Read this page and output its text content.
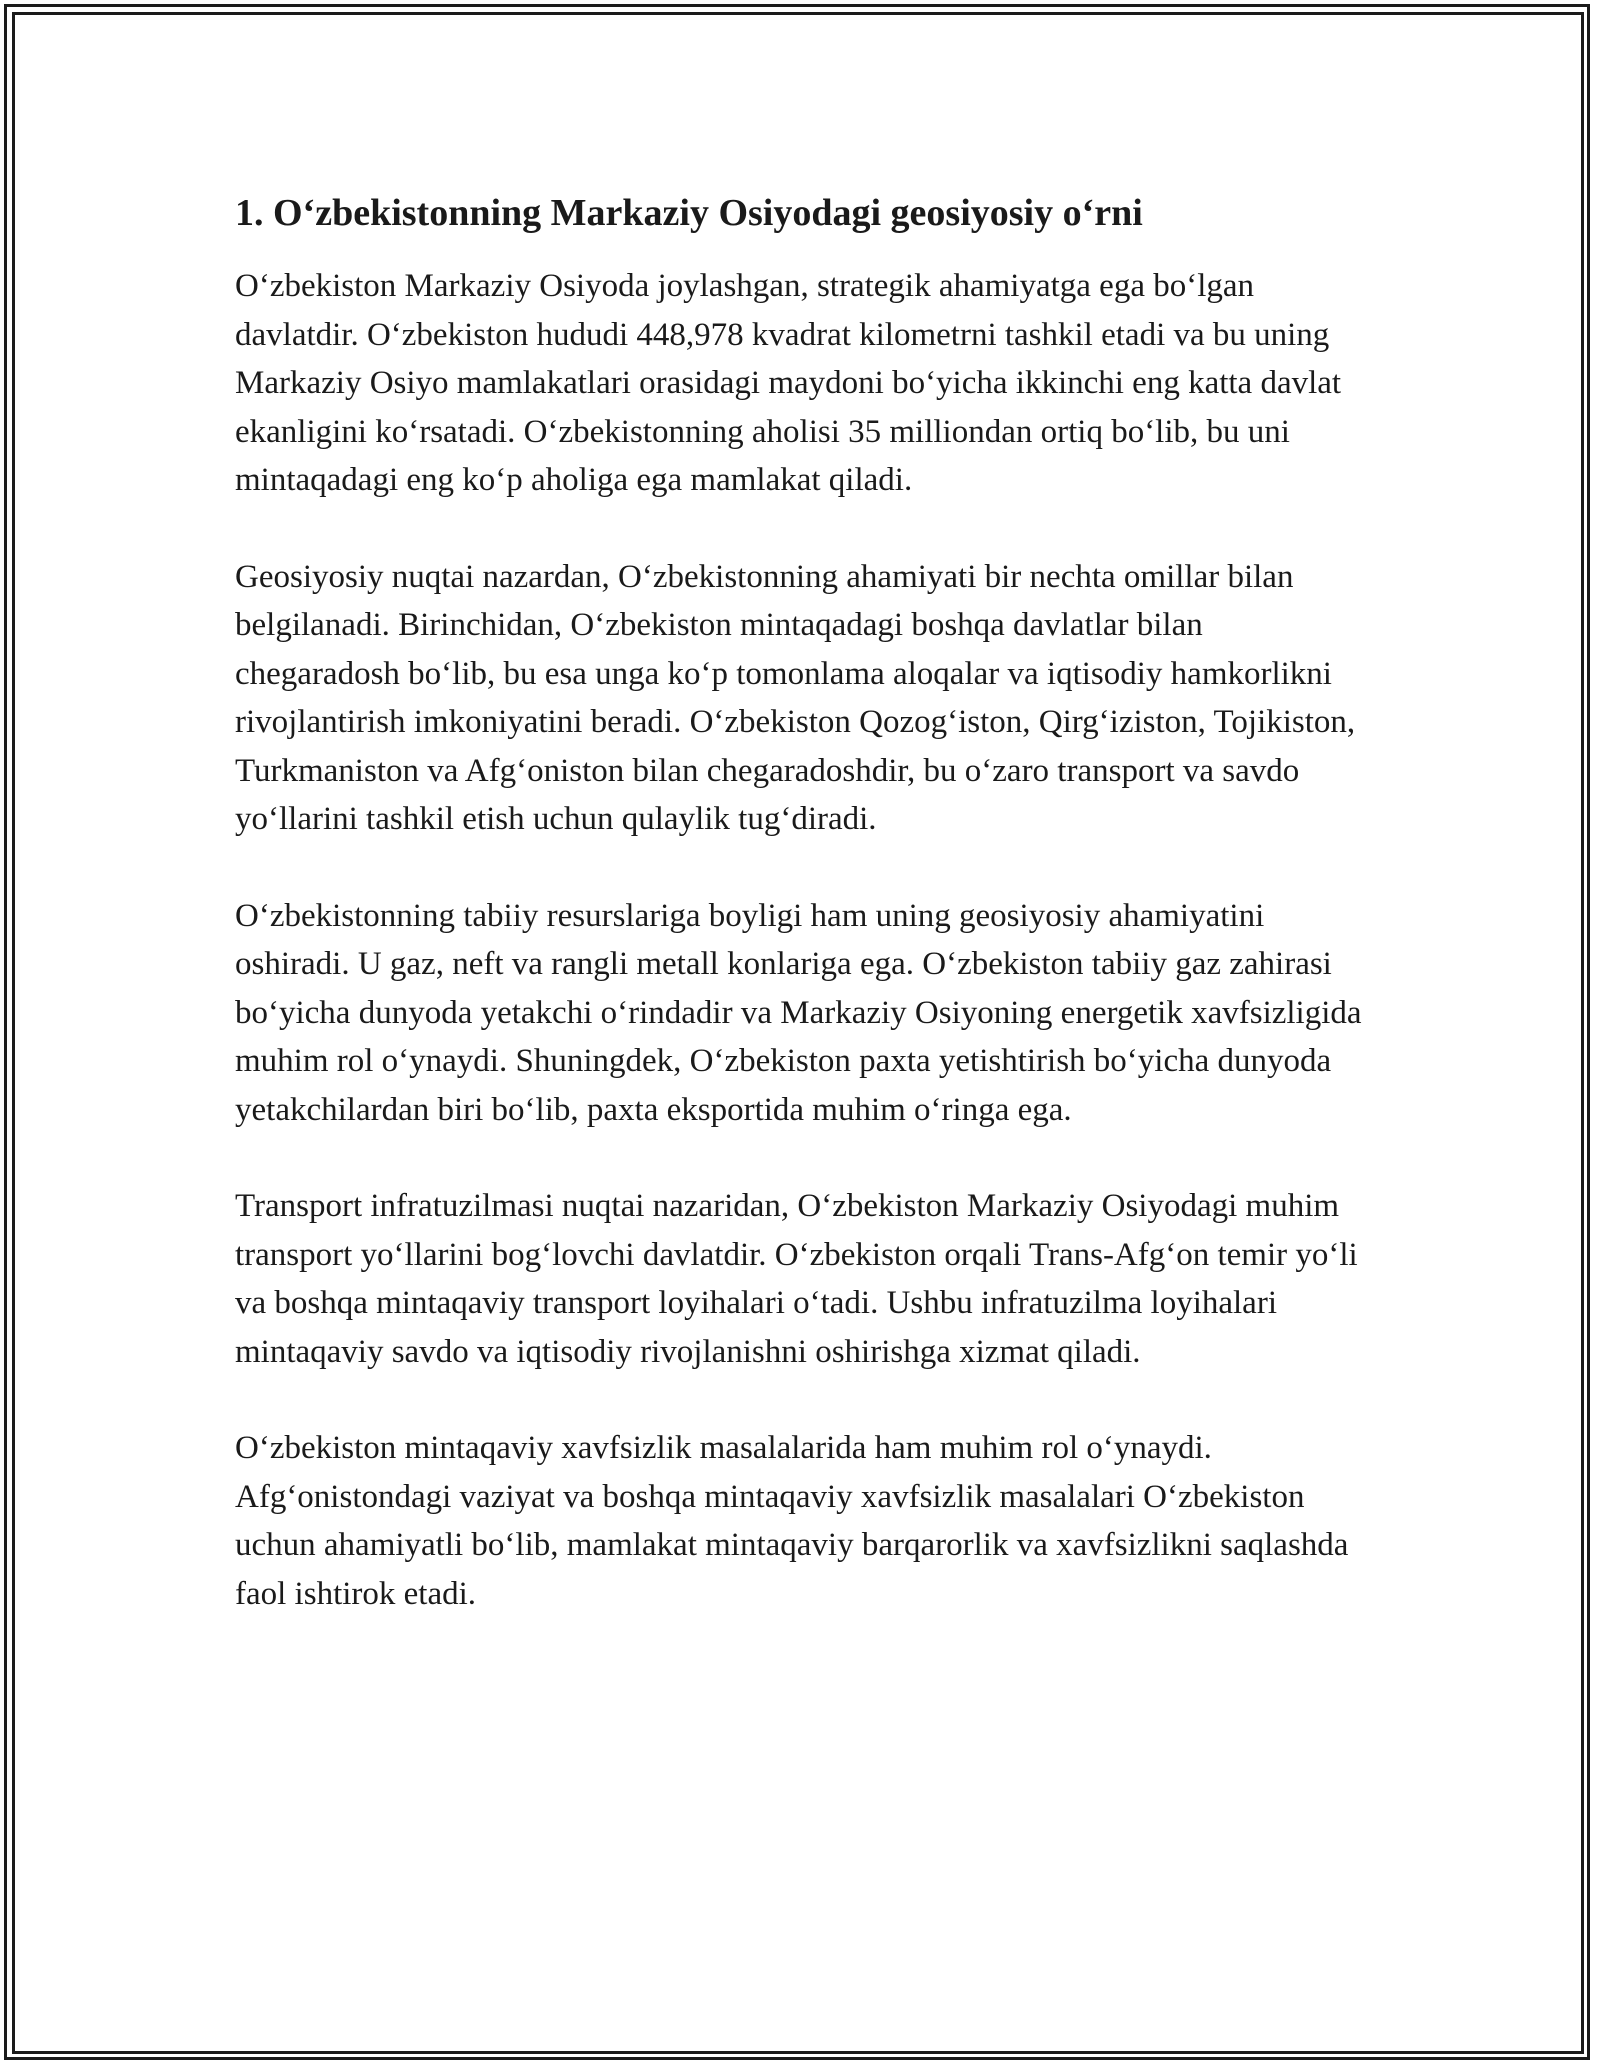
1. O‘zbekistonning Markaziy Osiyodagi geosiyosiy o‘rni

O‘zbekiston Markaziy Osiyoda joylashgan, strategik ahamiyatga ega bo‘lgan davlatdir. O‘zbekiston hududi 448,978 kvadrat kilometrni tashkil etadi va bu uning Markaziy Osiyo mamlakatlari orasidagi maydoni bo‘yicha ikkinchi eng katta davlat ekanligini ko‘rsatadi. O‘zbekistonning aholisi 35 milliondan ortiq bo‘lib, bu uni mintaqadagi eng ko‘p aholiga ega mamlakat qiladi.

Geosiyosiy nuqtai nazardan, O‘zbekistonning ahamiyati bir nechta omillar bilan belgilanadi. Birinchidan, O‘zbekiston mintaqadagi boshqa davlatlar bilan chegaradosh bo‘lib, bu esa unga ko‘p tomonlama aloqalar va iqtisodiy hamkorlikni rivojlantirish imkoniyatini beradi. O‘zbekiston Qozog‘iston, Qirg‘iziston, Tojikiston, Turkmaniston va Afg‘oniston bilan chegaradoshdir, bu o‘zaro transport va savdo yo‘llarini tashkil etish uchun qulaylik tug‘diradi.

O‘zbekistonning tabiiy resurslariga boyligi ham uning geosiyosiy ahamiyatini oshiradi. U gaz, neft va rangli metall konlariga ega. O‘zbekiston tabiiy gaz zahirasi bo‘yicha dunyoda yetakchi o‘rindadir va Markaziy Osiyoning energetik xavfsizligida muhim rol o‘ynaydi. Shuningdek, O‘zbekiston paxta yetishtirish bo‘yicha dunyoda yetakchilardan biri bo‘lib, paxta eksportida muhim o‘ringa ega.

Transport infratuzilmasi nuqtai nazaridan, O‘zbekiston Markaziy Osiyodagi muhim transport yo‘llarini bog‘lovchi davlatdir. O‘zbekiston orqali Trans-Afg‘on temir yo‘li va boshqa mintaqaviy transport loyihalari o‘tadi. Ushbu infratuzilma loyihalari mintaqaviy savdo va iqtisodiy rivojlanishni oshirishga xizmat qiladi.

O‘zbekiston mintaqaviy xavfsizlik masalalarida ham muhim rol o‘ynaydi. Afg‘onistondagi vaziyat va boshqa mintaqaviy xavfsizlik masalalari O‘zbekiston uchun ahamiyatli bo‘lib, mamlakat mintaqaviy barqarorlik va xavfsizlikni saqlashda faol ishtirok etadi.
